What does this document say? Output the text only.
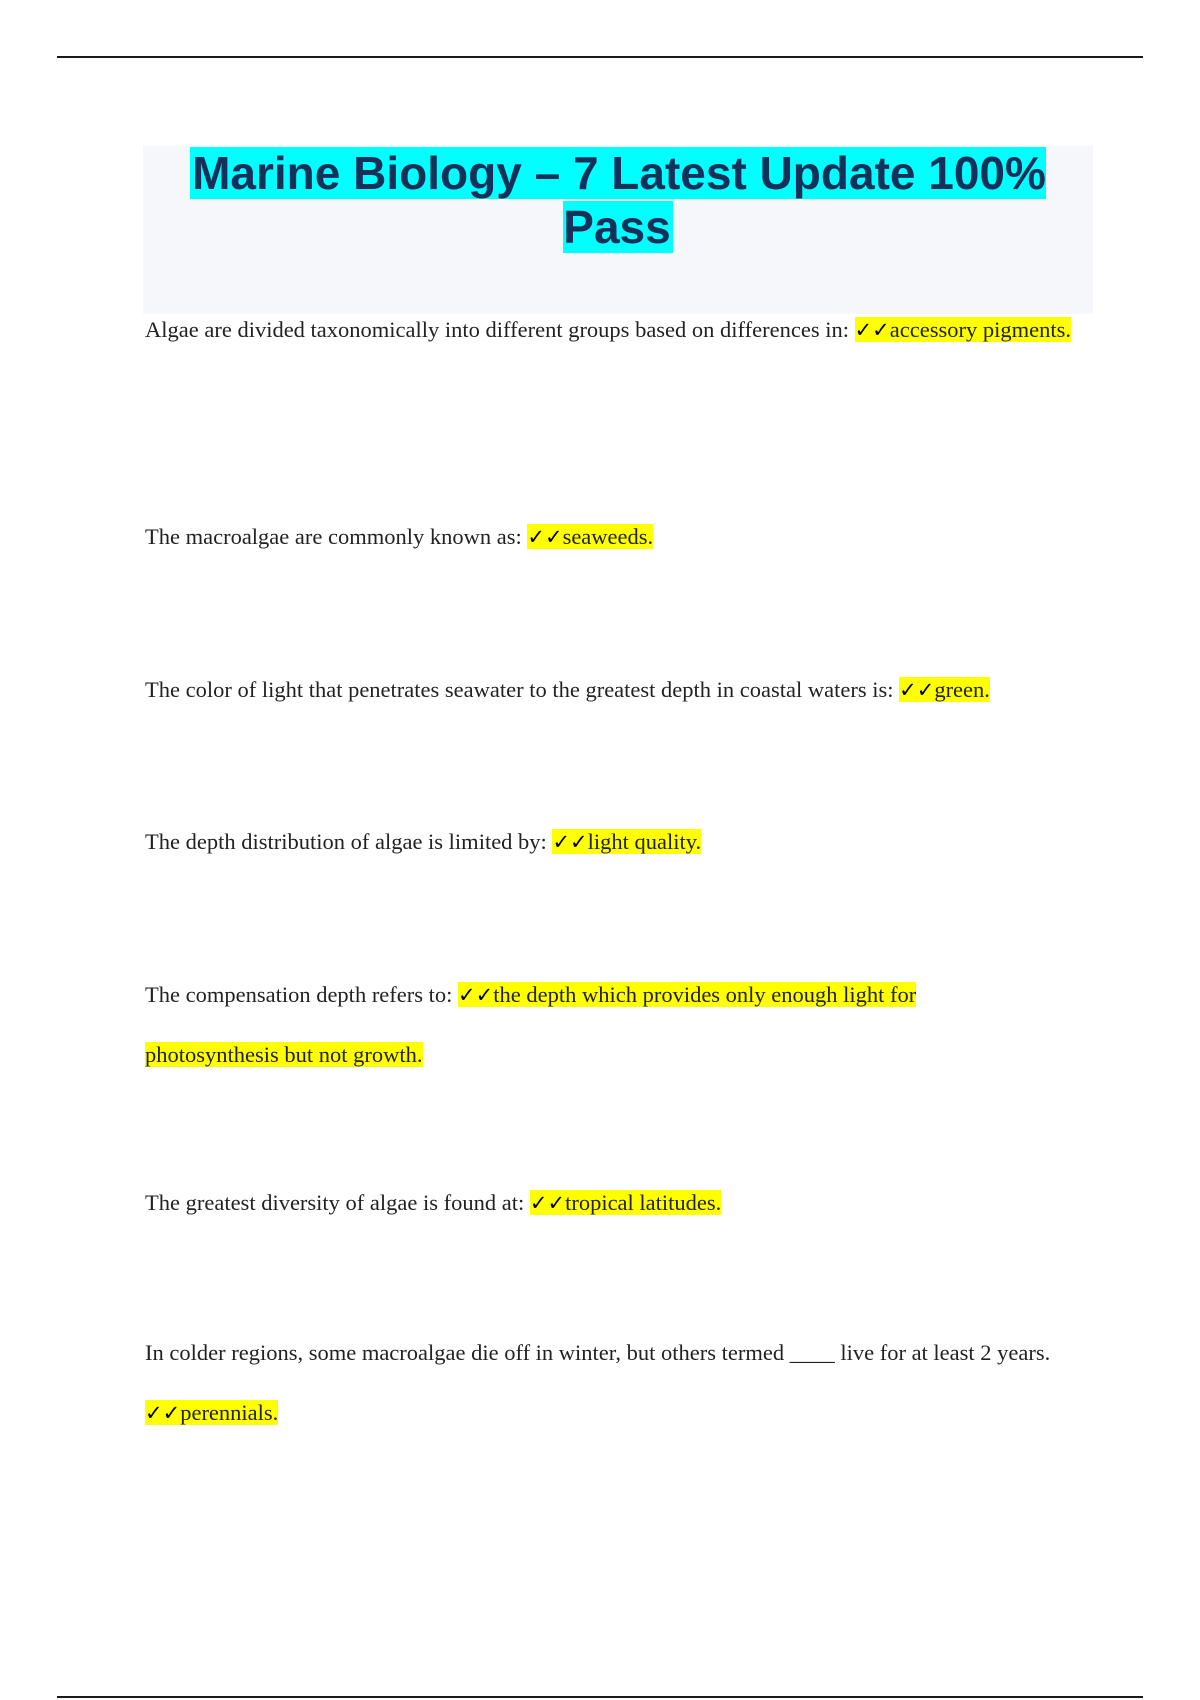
Marine Biology – 7 Latest Update 100% Pass

Algae are divided taxonomically into different groups based on differences in: ✓✓accessory pigments.

The macroalgae are commonly known as: ✓✓seaweeds.

The color of light that penetrates seawater to the greatest depth in coastal waters is: ✓✓green.

The depth distribution of algae is limited by: ✓✓light quality.

The compensation depth refers to: ✓✓the depth which provides only enough light for photosynthesis but not growth.

The greatest diversity of algae is found at: ✓✓tropical latitudes.

In colder regions, some macroalgae die off in winter, but others termed ____ live for at least 2 years. ✓✓perennials.
